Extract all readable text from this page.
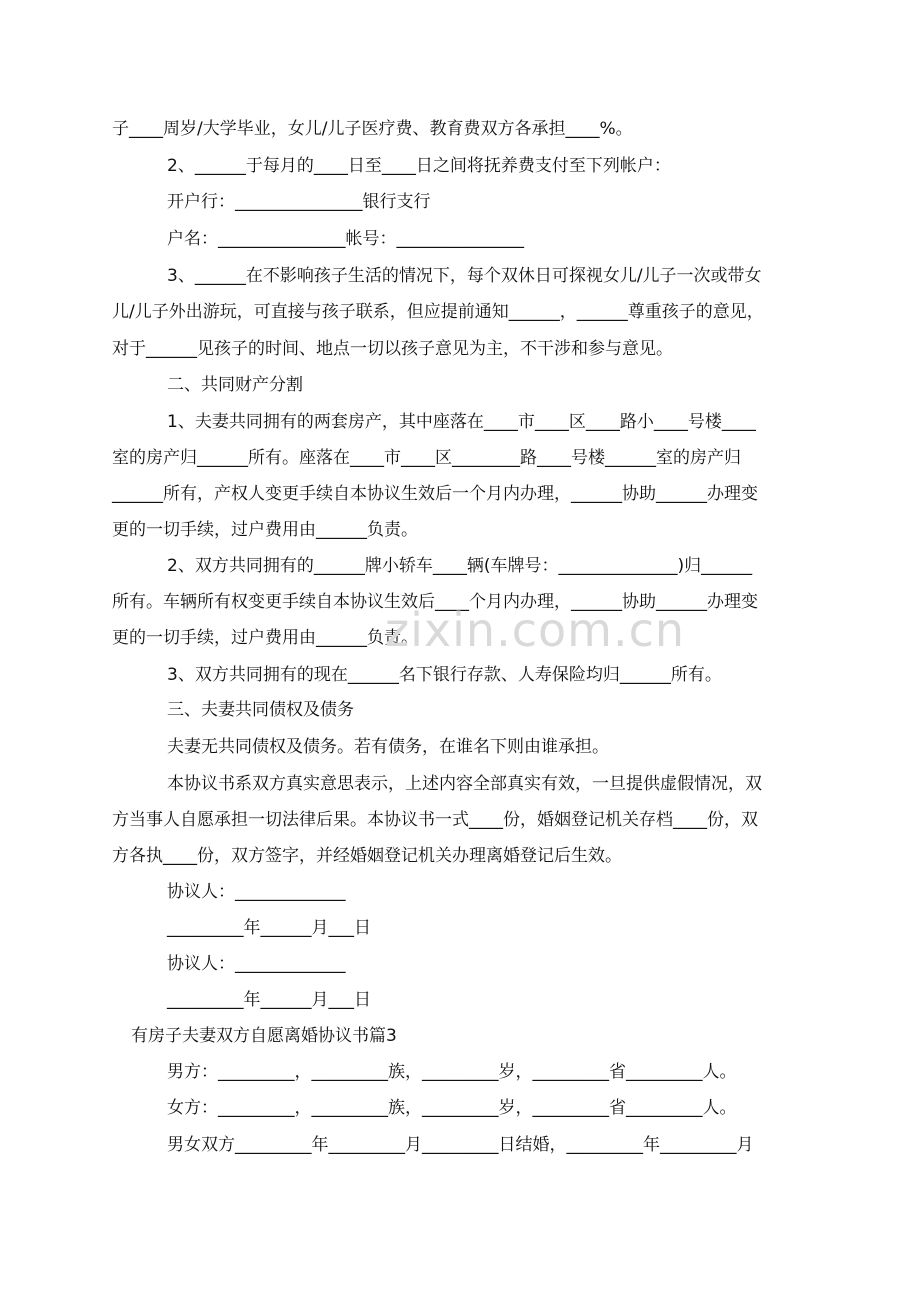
子____周岁/大学毕业，女儿/儿子医疗费、教育费双方各承担____%。
2、______于每月的____日至____日之间将抚养费支付至下列帐户：
开户行：_______________银行支行
户名：_______________帐号：_______________
3、______在不影响孩子生活的情况下，每个双休日可探视女儿/儿子一次或带女
儿/儿子外出游玩，可直接与孩子联系，但应提前通知______，______尊重孩子的意见，
对于______见孩子的时间、地点一切以孩子意见为主，不干涉和参与意见。
二、共同财产分割
1、夫妻共同拥有的两套房产，其中座落在____市____区____路小____号楼____
室的房产归______所有。座落在____市____区________路____号楼______室的房产归
______所有，产权人变更手续自本协议生效后一个月内办理，______协助______办理变
更的一切手续，过户费用由______负责。
2、双方共同拥有的______牌小轿车____辆(车牌号：______________)归______
所有。车辆所有权变更手续自本协议生效后____个月内办理，______协助______办理变
更的一切手续，过户费用由______负责。
3、双方共同拥有的现在______名下银行存款、人寿保险均归______所有。
三、夫妻共同债权及债务
夫妻无共同债权及债务。若有债务，在谁名下则由谁承担。
本协议书系双方真实意思表示，上述内容全部真实有效，一旦提供虚假情况，双
方当事人自愿承担一切法律后果。本协议书一式____份，婚姻登记机关存档____份，双
方各执____份，双方签字，并经婚姻登记机关办理离婚登记后生效。
协议人：_____________
_________年______月___日
协议人：_____________
_________年______月___日
有房子夫妻双方自愿离婚协议书篇3
男方：_________，_________族，_________岁，_________省_________人。
女方：_________，_________族，_________岁，_________省_________人。
男女双方_________年_________月_________日结婚，_________年_________月
zixin.com.cn
